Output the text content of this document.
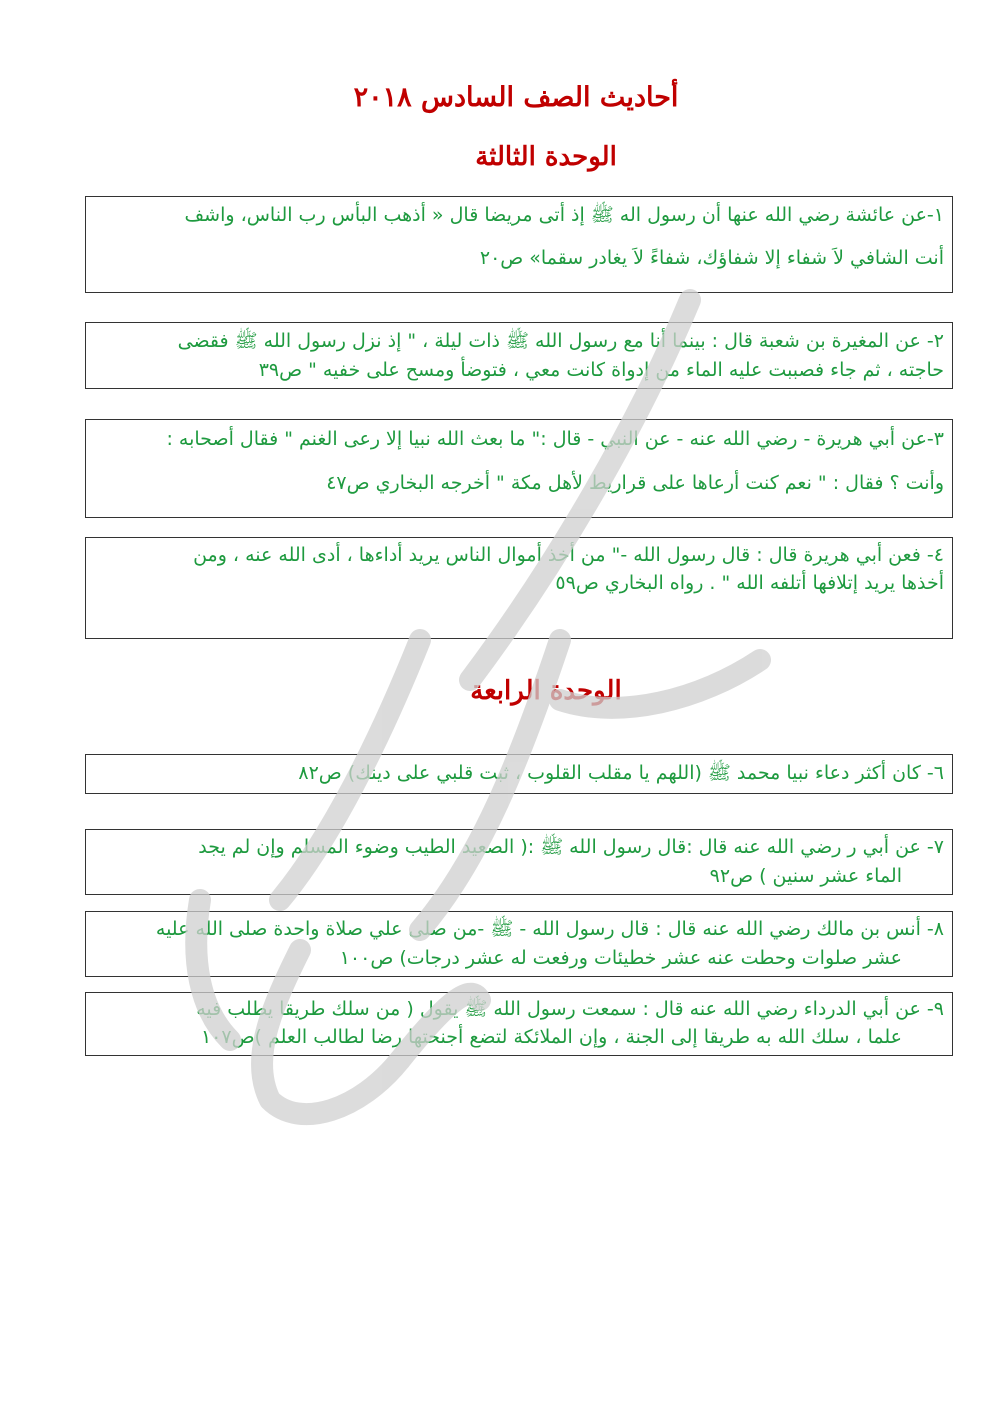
أحاديث الصف السادس ٢٠١٨
الوحدة الثالثة
١-عن عائشة رضي الله عنها أن رسول اله ﷺ إذ أتى مريضا قال « أذهب البأس رب الناس، واشف
أنت الشافي لاَ شفاء إلا شفاؤك، شفاءً لاَ يغادر سقما» ص٢٠
٢- عن المغيرة بن شعبة قال : بينما أنا مع رسول الله ﷺ ذات ليلة ، " إذ نزل رسول الله ﷺ فقضى
حاجته ، ثم جاء فصببت عليه الماء من إدواة كانت معي ، فتوضأ ومسح على خفيه " ص٣٩
٣-عن أبي هريرة - رضي الله عنه - عن النبي - قال :" ما بعث الله نبيا إلا رعى الغنم " فقال أصحابه :
وأنت ؟ فقال : " نعم كنت أرعاها على قراريط لأهل مكة " أخرجه البخاري ص٤٧
٤- فعن أبي هريرة قال : قال رسول الله -" من أخذ أموال الناس يريد أداءها ، أدى الله عنه ، ومن
أخذها يريد إتلافها أتلفه الله " . رواه البخاري ص٥٩
الوحدة الرابعة
٦- كان أكثر دعاء نبيا محمد ﷺ (اللهم يا مقلب القلوب ، ثبت قلبي على دينك) ص٨٢
٧- عن أبي ر رضي الله عنه قال :قال رسول الله ﷺ :( الصعيد الطيب وضوء المسلم وإن لم يجد
الماء عشر سنين ) ص٩٢
٨- أنس بن مالك رضي الله عنه قال : قال رسول الله - ﷺ -من صلى علي صلاة واحدة صلى الله عليه
عشر صلوات وحطت عنه عشر خطيئات ورفعت له عشر درجات) ص١٠٠
٩- عن أبي الدرداء رضي الله عنه قال : سمعت رسول الله ﷺ يقول ( من سلك طريقا يطلب فيه
علما ، سلك الله به طريقا إلى الجنة ، وإن الملائكة لتضع أجنحتها رضا لطالب العلم )ص١٠٧
